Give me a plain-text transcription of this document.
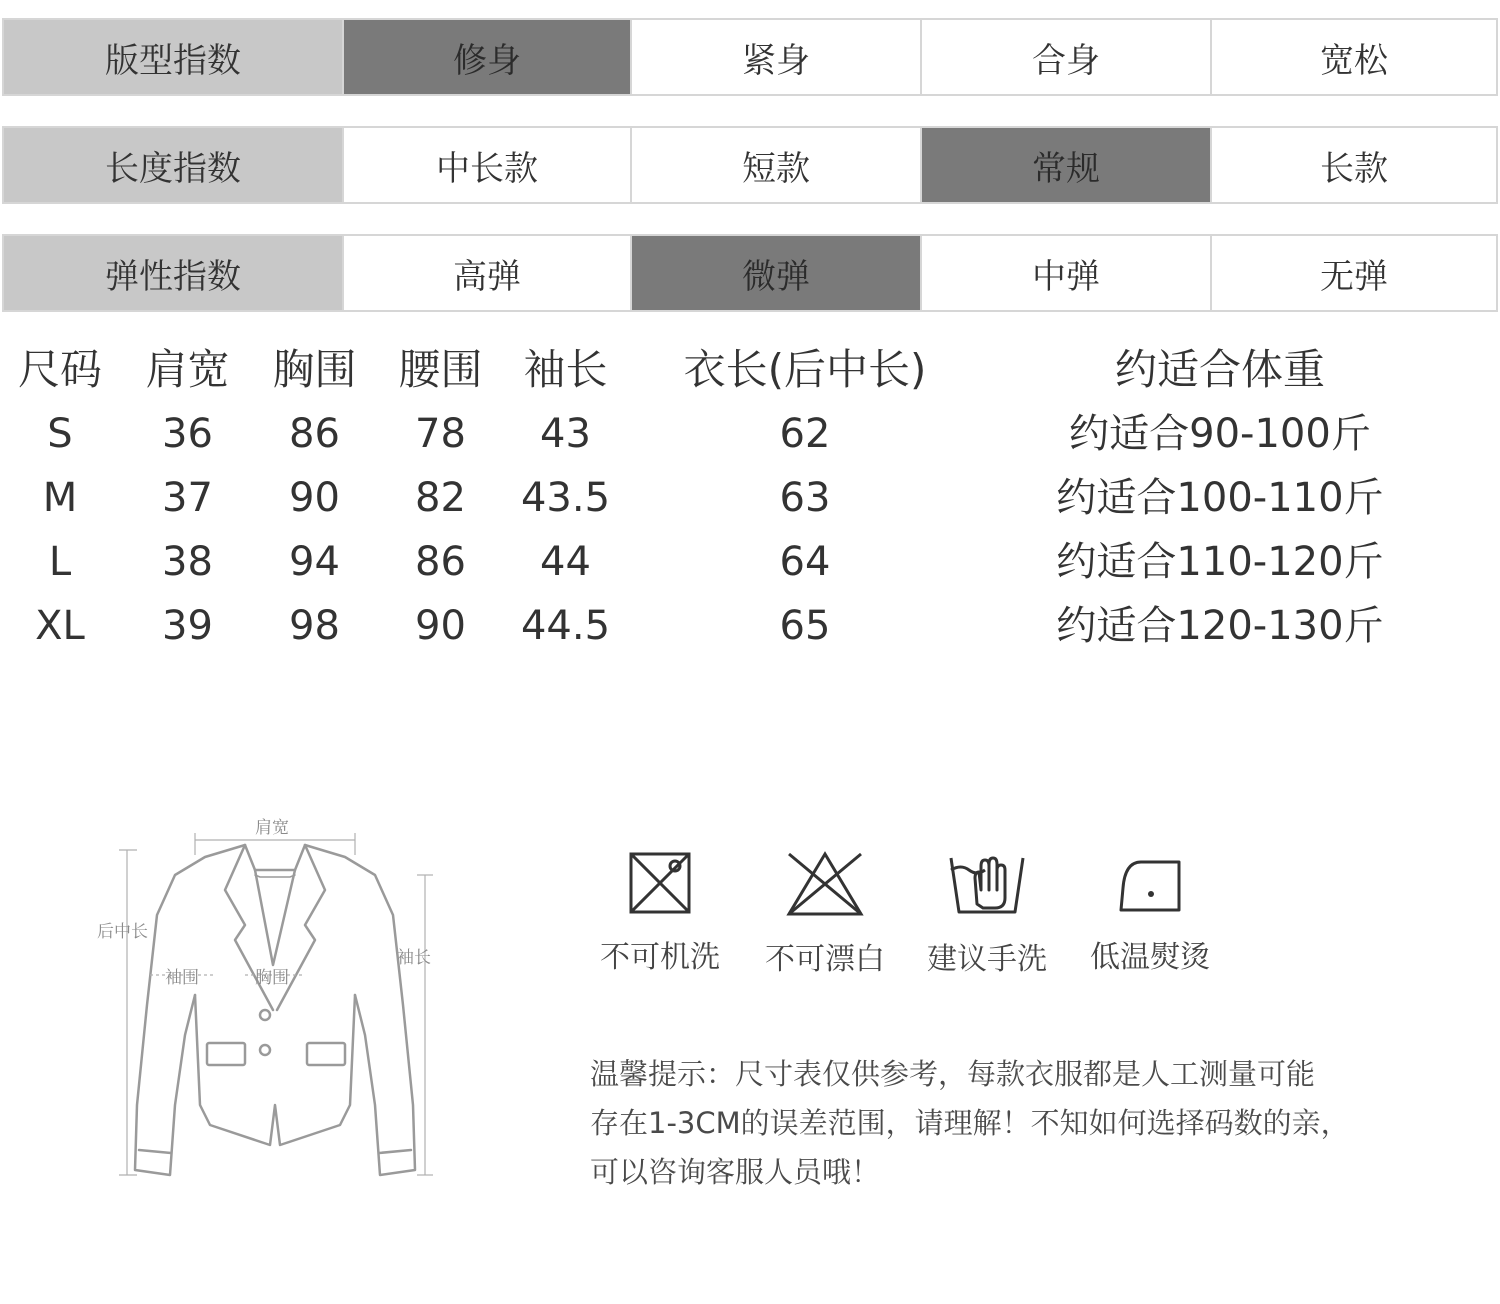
版型指数	修身	紧身	合身	宽松
长度指数	中长款	短款	常规	长款
弹性指数	高弹	微弹	中弹	无弹
尺码 肩宽 胸围 腰围 袖长	衣长(后中长)	约适合体重
S	36	86	78	43	62	约适合90-100斤
M	37	90	82	43.5	63	约适合100-110斤
L	38	94	86	44	64	约适合110-120斤
XL	39	98	90	44.5	65	约适合120-130斤
肩宽
后中长
袖长
袖围	胸围
不可机洗	不可漂白	建议手洗	低温熨烫

温馨提示：尺寸表仅供参考，每款衣服都是人工测量可能

存在1-3CM的误差范围，请理解！不知如何选择码数的亲，

可以咨询客服人员哦！
